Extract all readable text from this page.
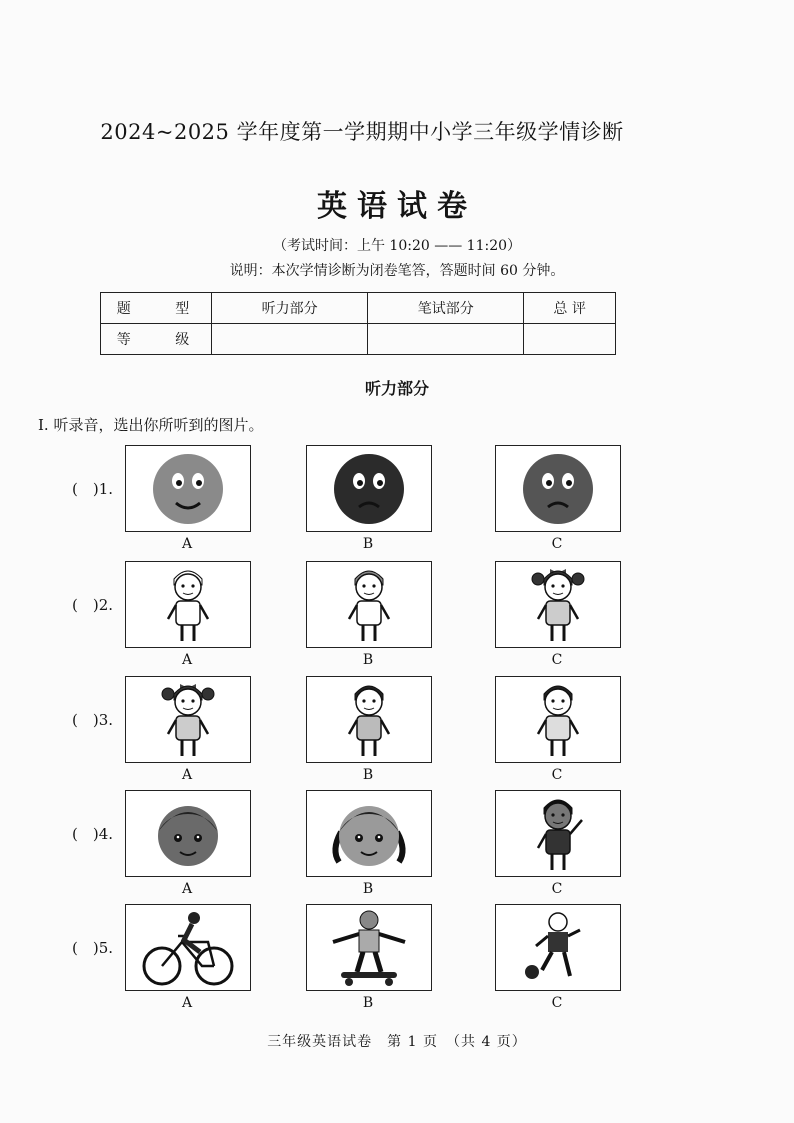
2024~2025 学年度第一学期期中小学三年级学情诊断
英语试卷
（考试时间：上午 10:20 —— 11:20）
说明：本次学情诊断为闭卷笔答，答题时间 60 分钟。
题 型	听力部分	笔试部分	总 评
等 级			
听力部分
Ⅰ. 听录音，选出你所听到的图片。
(　)1.
A	B	C
(　)2.
A	B	C
(　)3.
A	B	C
(　)4.
A	B	C
(　)5.
A	B	C
三年级英语试卷　第 1 页　（共 4 页）
